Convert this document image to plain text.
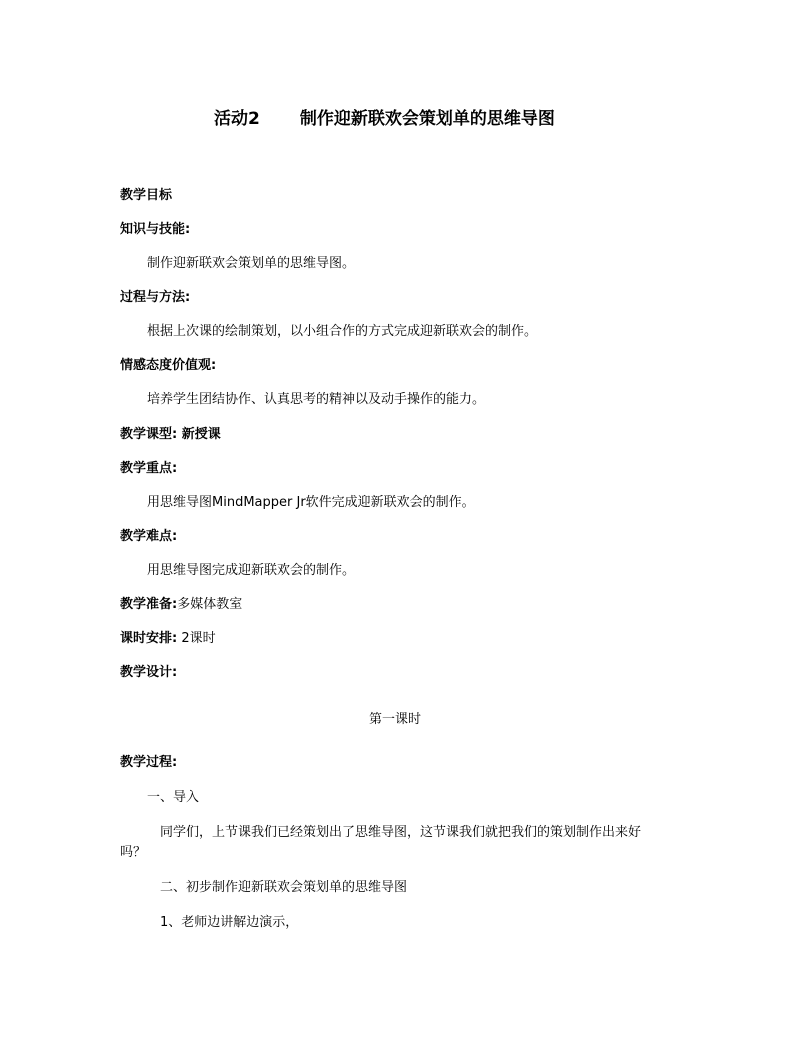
活动2 制作迎新联欢会策划单的思维导图
教学目标
知识与技能:
制作迎新联欢会策划单的思维导图。
过程与方法:
根据上次课的绘制策划，以小组合作的方式完成迎新联欢会的制作。
情感态度价值观:
培养学生团结协作、认真思考的精神以及动手操作的能力。
教学课型: 新授课
教学重点:
用思维导图MindMapper Jr软件完成迎新联欢会的制作。
教学难点:
用思维导图完成迎新联欢会的制作。
教学准备:多媒体教室
课时安排: 2课时
教学设计:
第一课时
教学过程:
一、导入
同学们，上节课我们已经策划出了思维导图，这节课我们就把我们的策划制作出来好
吗？
二、初步制作迎新联欢会策划单的思维导图
1、老师边讲解边演示，
